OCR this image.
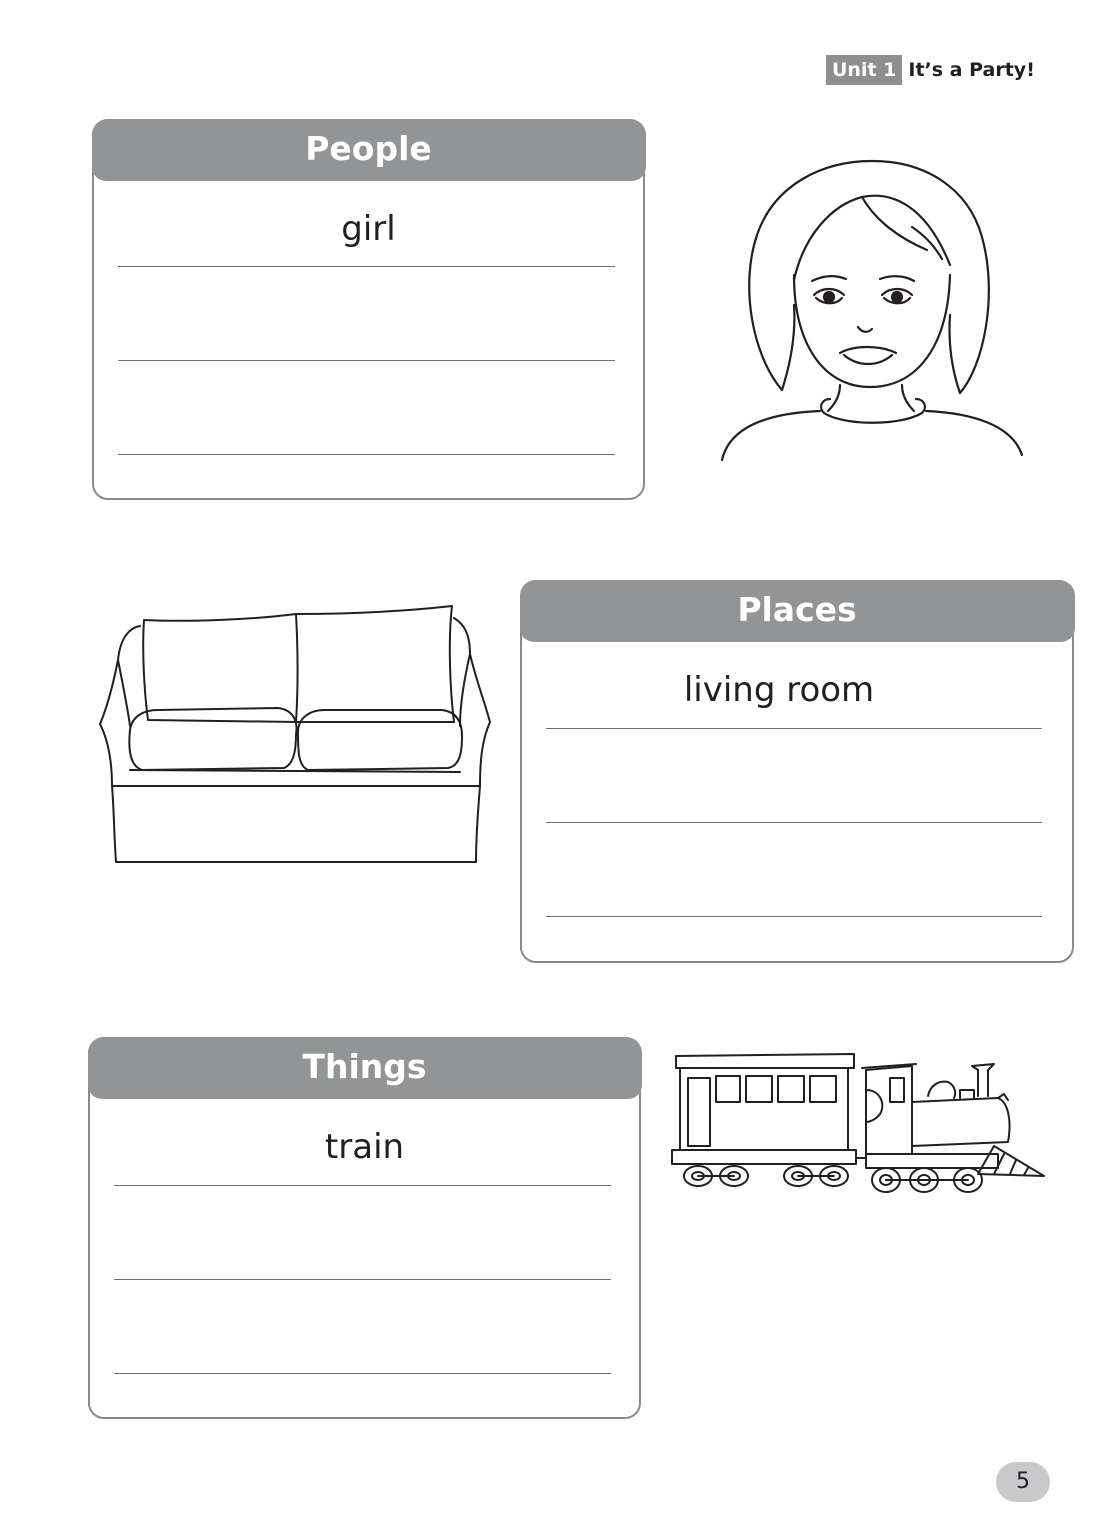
Unit 1 It’s a Party!
People
girl
Places
living room
Things
train
5
